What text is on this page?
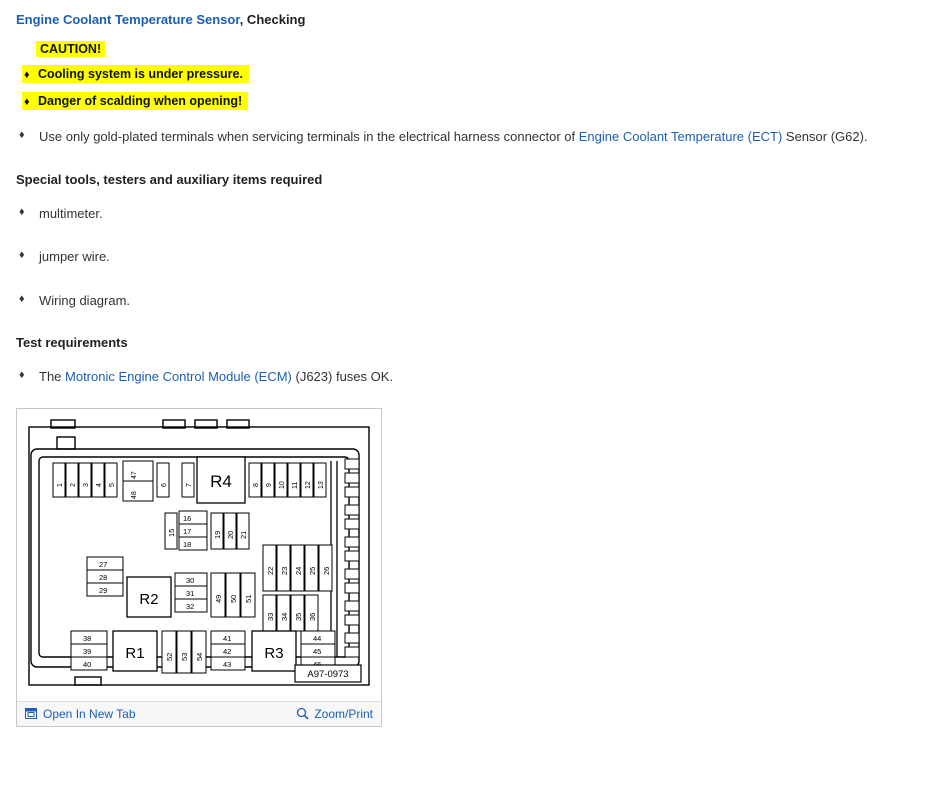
Engine Coolant Temperature Sensor, Checking
CAUTION!
♦ Cooling system is under pressure.
♦ Danger of scalding when opening!
♦	Use only gold-plated terminals when servicing terminals in the electrical harness connector of Engine Coolant Temperature (ECT) Sensor (G62).
Special tools, testers and auxiliary items required
♦	multimeter.
♦	jumper wire.
♦	Wiring diagram.
Test requirements
♦	The Motronic Engine Control Module (ECM) (J623) fuses OK.
1 2 3 4 5
47
48
6	7 R4	8 9 10 11 12 13
15
16
17
18
19 20 21
22 23 24 25 26
27
28
29
R2
30
31
32
49 50 51
33 34 35 36
38
39
40
R1	52 53 54
41
42
43
R3
44
45
A97-0973
Open In New Tab	Zoom/Print
